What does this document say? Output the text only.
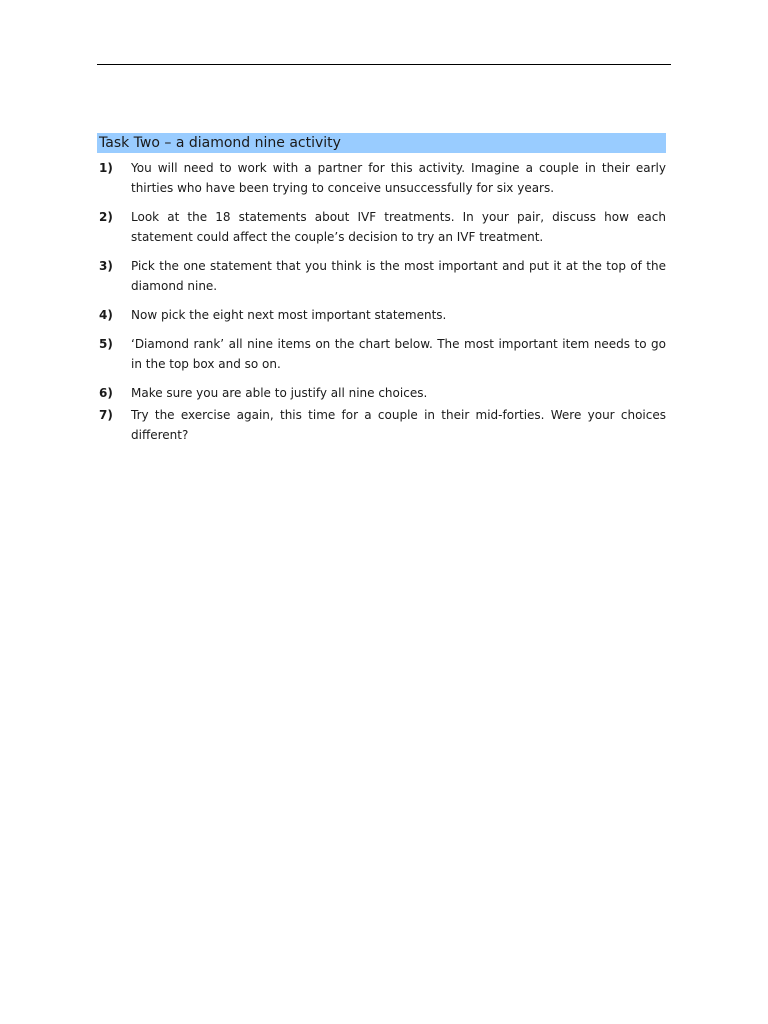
Task Two – a diamond nine activity
1)	You will need to work with a partner for this activity. Imagine a couple in their early thirties who have been trying to conceive unsuccessfully for six years.
2)	Look at the 18 statements about IVF treatments. In your pair, discuss how each statement could affect the couple’s decision to try an IVF treatment.
3)	Pick the one statement that you think is the most important and put it at the top of the diamond nine.
4)	Now pick the eight next most important statements.
5)	‘Diamond rank’ all nine items on the chart below. The most important item needs to go in the top box and so on.
6)	Make sure you are able to justify all nine choices.
7)	Try the exercise again, this time for a couple in their mid-forties. Were your choices different?
